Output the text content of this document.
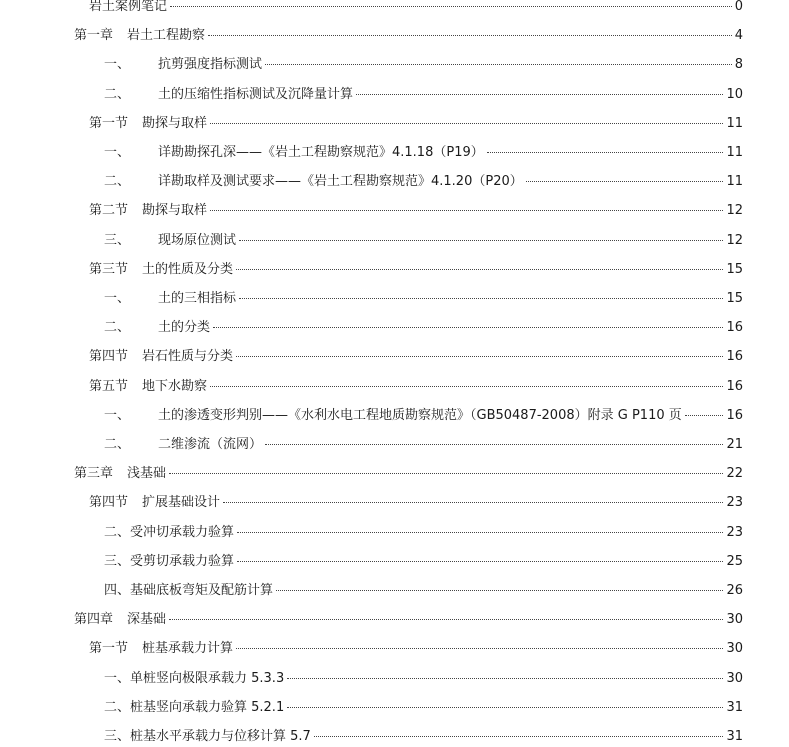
岩土案例笔记	0
第一章 岩土工程勘察	4
一、	抗剪强度指标测试	8
二、	土的压缩性指标测试及沉降量计算	10
第一节 勘探与取样	11
一、	详勘勘探孔深——《岩土工程勘察规范》4.1.18（P19）	11
二、	详勘取样及测试要求——《岩土工程勘察规范》4.1.20（P20）	11
第二节 勘探与取样	12
三、	现场原位测试	12
第三节 土的性质及分类	15
一、	土的三相指标	15
二、	土的分类	16
第四节 岩石性质与分类	16
第五节 地下水勘察	16
一、	土的渗透变形判别——《水利水电工程地质勘察规范》（GB50487-2008）附录 G P110 页	16
二、	二维渗流（流网）	21
第三章 浅基础	22
第四节 扩展基础设计	23
二、受冲切承载力验算	23
三、受剪切承载力验算	25
四、基础底板弯矩及配筋计算	26
第四章 深基础	30
第一节 桩基承载力计算	30
一、单桩竖向极限承载力 5.3.3	30
二、桩基竖向承载力验算 5.2.1	31
三、桩基水平承载力与位移计算 5.7	31
